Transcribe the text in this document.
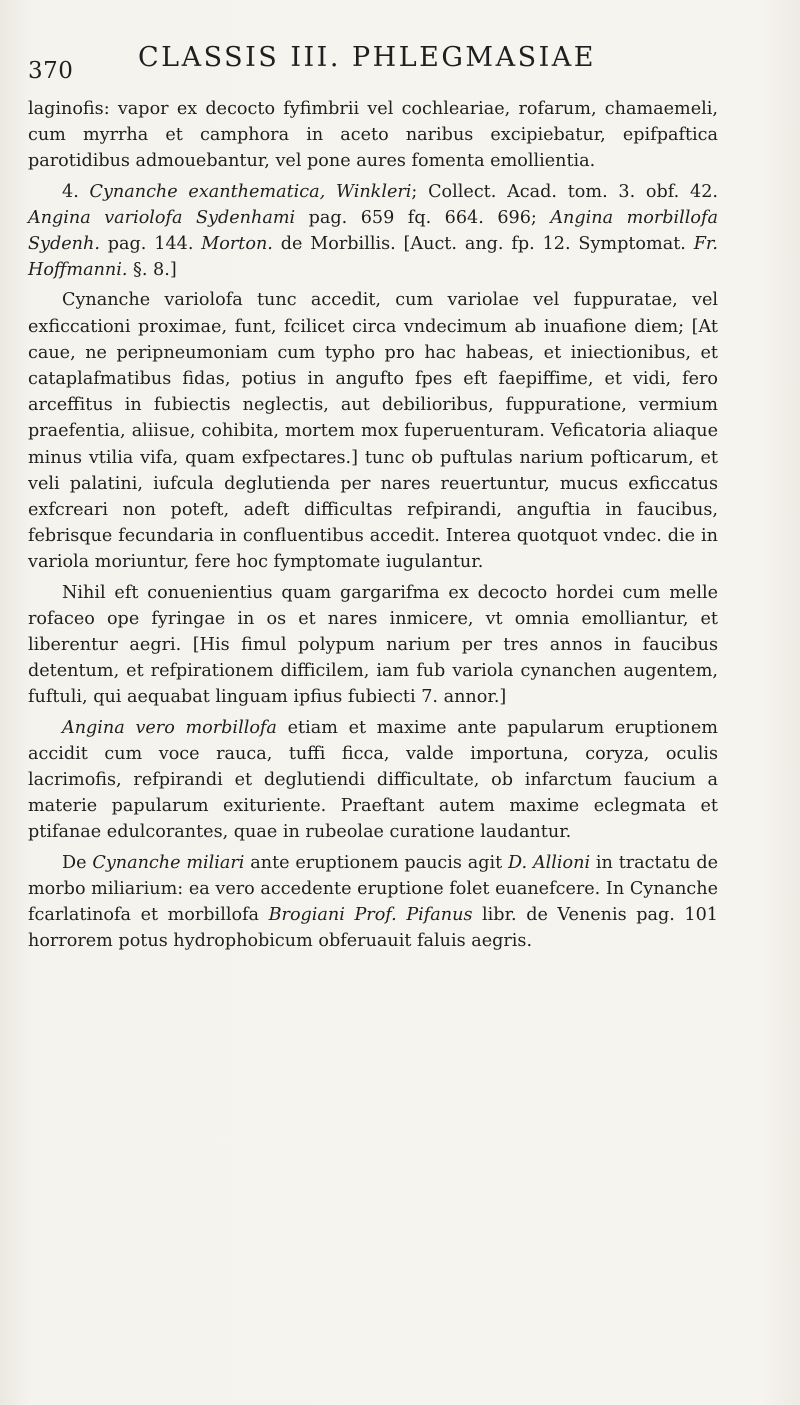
370 CLASSIS III. PHLEGMASIAE

laginofis: vapor ex decocto fyfimbrii vel cochleariae, rofarum, chamaemeli, cum myrrha et camphora in aceto naribus excipiebatur, epifpaftica parotidibus admouebantur, vel pone aures fomenta emollientia.

4. Cynanche exanthematica, Winkleri; Collect. Acad. tom. 3. obf. 42. Angina variolofa Sydenhami pag. 659 fq. 664. 696; Angina morbillofa Sydenh. pag. 144. Morton. de Morbillis. [Auct. ang. fp. 12. Symptomat. Fr. Hoffmanni. §. 8.]

Cynanche variolofa tunc accedit, cum variolae vel fuppuratae, vel exficcationi proximae, funt, fcilicet circa vndecimum ab inuafione diem; [At caue, ne peripneumoniam cum typho pro hac habeas, et iniectionibus, et cataplafmatibus fidas, potius in angufto fpes eft faepiffime, et vidi, fero arceffitus in fubiectis neglectis, aut debilioribus, fuppuratione, vermium praefentia, aliisue, cohibita, mortem mox fuperuenturam. Veficatoria aliaque minus vtilia vifa, quam exfpectares.] tunc ob puftulas narium pofticarum, et veli palatini, iufcula deglutienda per nares reuertuntur, mucus exficcatus exfcreari non poteft, adeft difficultas refpirandi, anguftia in faucibus, febrisque fecundaria in confluentibus accedit. Interea quotquot vndec. die in variola moriuntur, fere hoc fymptomate iugulantur.

Nihil eft conuenientius quam gargarifma ex decocto hordei cum melle rofaceo ope fyringae in os et nares inmicere, vt omnia emolliantur, et liberentur aegri. [His fimul polypum narium per tres annos in faucibus detentum, et refpirationem difficilem, iam fub variola cynanchen augentem, fuftuli, qui aequabat linguam ipfius fubiecti 7. annor.]

Angina vero morbillofa etiam et maxime ante papularum eruptionem accidit cum voce rauca, tuffi ficca, valde importuna, coryza, oculis lacrimofis, refpirandi et deglutiendi difficultate, ob infarctum faucium a materie papularum exituriente. Praeftant autem maxime eclegmata et ptifanae edulcorantes, quae in rubeolae curatione laudantur.

De Cynanche miliari ante eruptionem paucis agit D. Allioni in tractatu de morbo miliarium: ea vero accedente eruptione folet euanefcere. In Cynanche fcarlatinofa et morbillofa Brogiani Prof. Pifanus libr. de Venenis pag. 101 horrorem potus hydrophobicum obferuauit faluis aegris.
